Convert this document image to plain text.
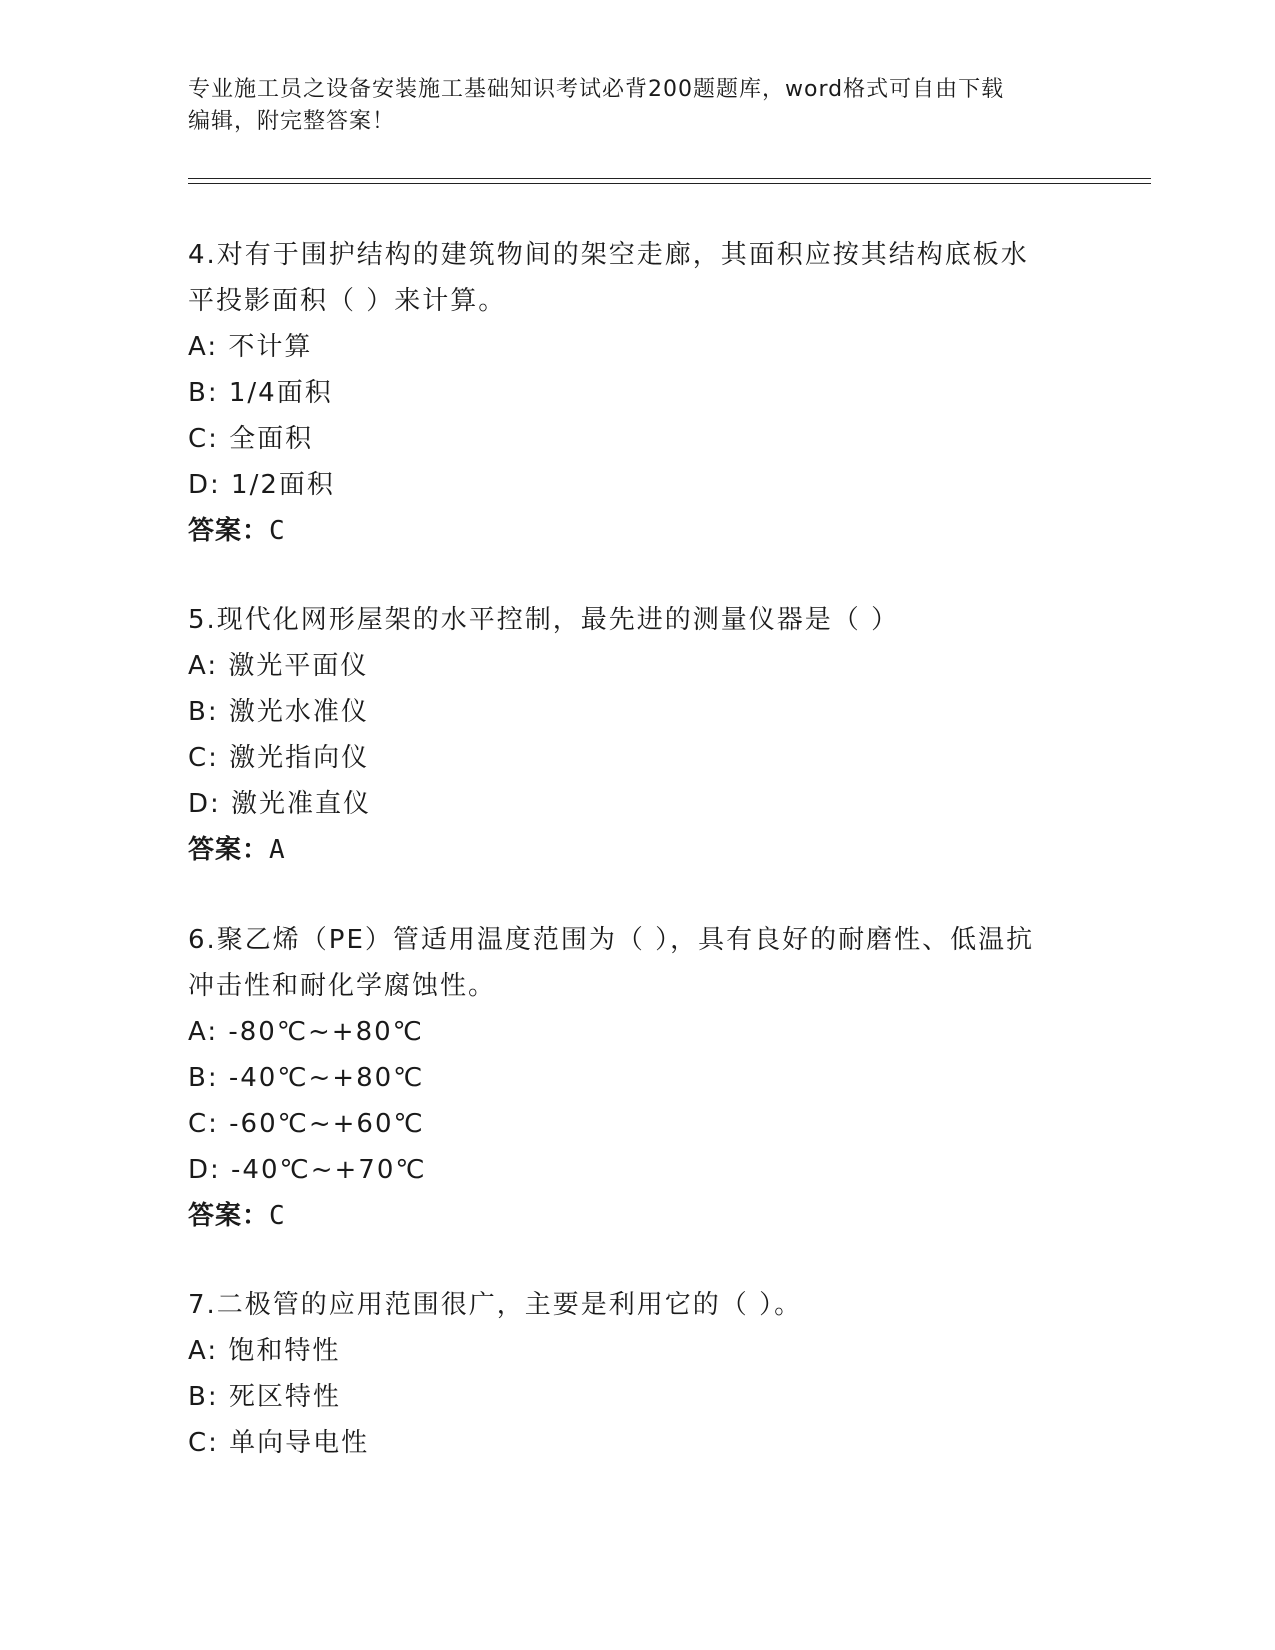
专业施工员之设备安装施工基础知识考试必背200题题库，word格式可自由下载
编辑，附完整答案！
4.对有于围护结构的建筑物间的架空走廊，其面积应按其结构底板水
平投影面积（ ）来计算。
A: 不计算
B: 1/4面积
C: 全面积
D: 1/2面积
答案：C
5.现代化网形屋架的水平控制，最先进的测量仪器是（ ）
A: 激光平面仪
B: 激光水准仪
C: 激光指向仪
D: 激光准直仪
答案：A
6.聚乙烯（PE）管适用温度范围为（ ），具有良好的耐磨性、低温抗
冲击性和耐化学腐蚀性。
A: -80℃~+80℃
B: -40℃~+80℃
C: -60℃~+60℃
D: -40℃~+70℃
答案：C
7.二极管的应用范围很广，主要是利用它的（ ）。
A: 饱和特性
B: 死区特性
C: 单向导电性
